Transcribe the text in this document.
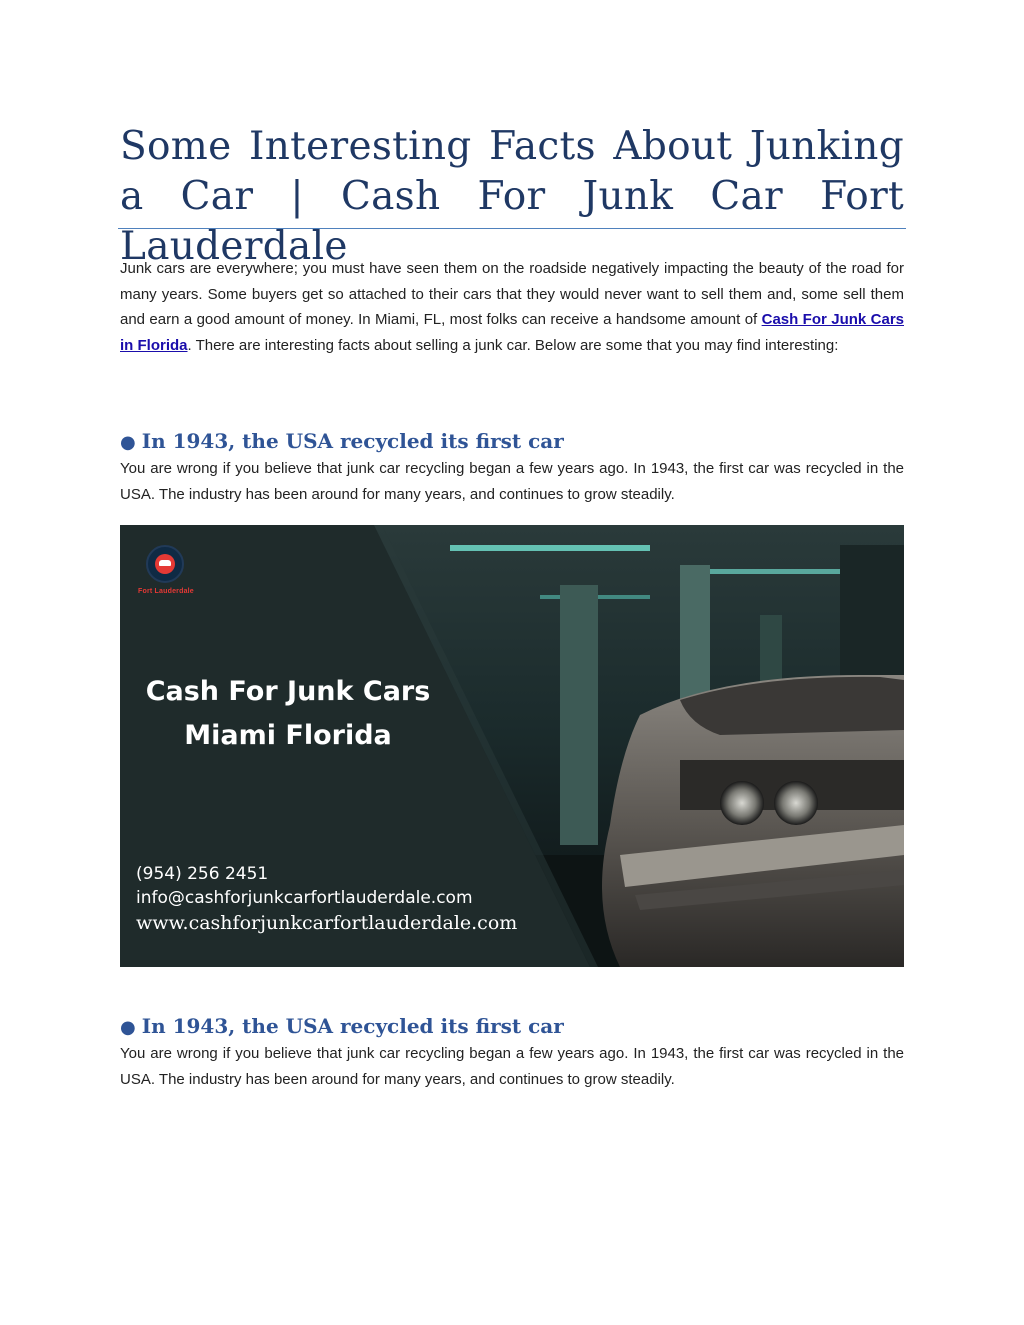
Some Interesting Facts About Junking a Car | Cash For Junk Car Fort Lauderdale

Junk cars are everywhere; you must have seen them on the roadside negatively impacting the beauty of the road for many years. Some buyers get so attached to their cars that they would never want to sell them and, some sell them and earn a good amount of money. In Miami, FL, most folks can receive a handsome amount of Cash For Junk Cars in Florida. There are interesting facts about selling a junk car. Below are some that you may find interesting:

● In 1943, the USA recycled its first car

You are wrong if you believe that junk car recycling began a few years ago. In 1943, the first car was recycled in the USA. The industry has been around for many years, and continues to grow steadily.

Fort Lauderdale
Cash For Junk Cars
Miami Florida
(954) 256 2451
info@cashforjunkcarfortlauderdale.com
www.cashforjunkcarfortlauderdale.com
● In 1943, the USA recycled its first car

You are wrong if you believe that junk car recycling began a few years ago. In 1943, the first car was recycled in the USA. The industry has been around for many years, and continues to grow steadily.
